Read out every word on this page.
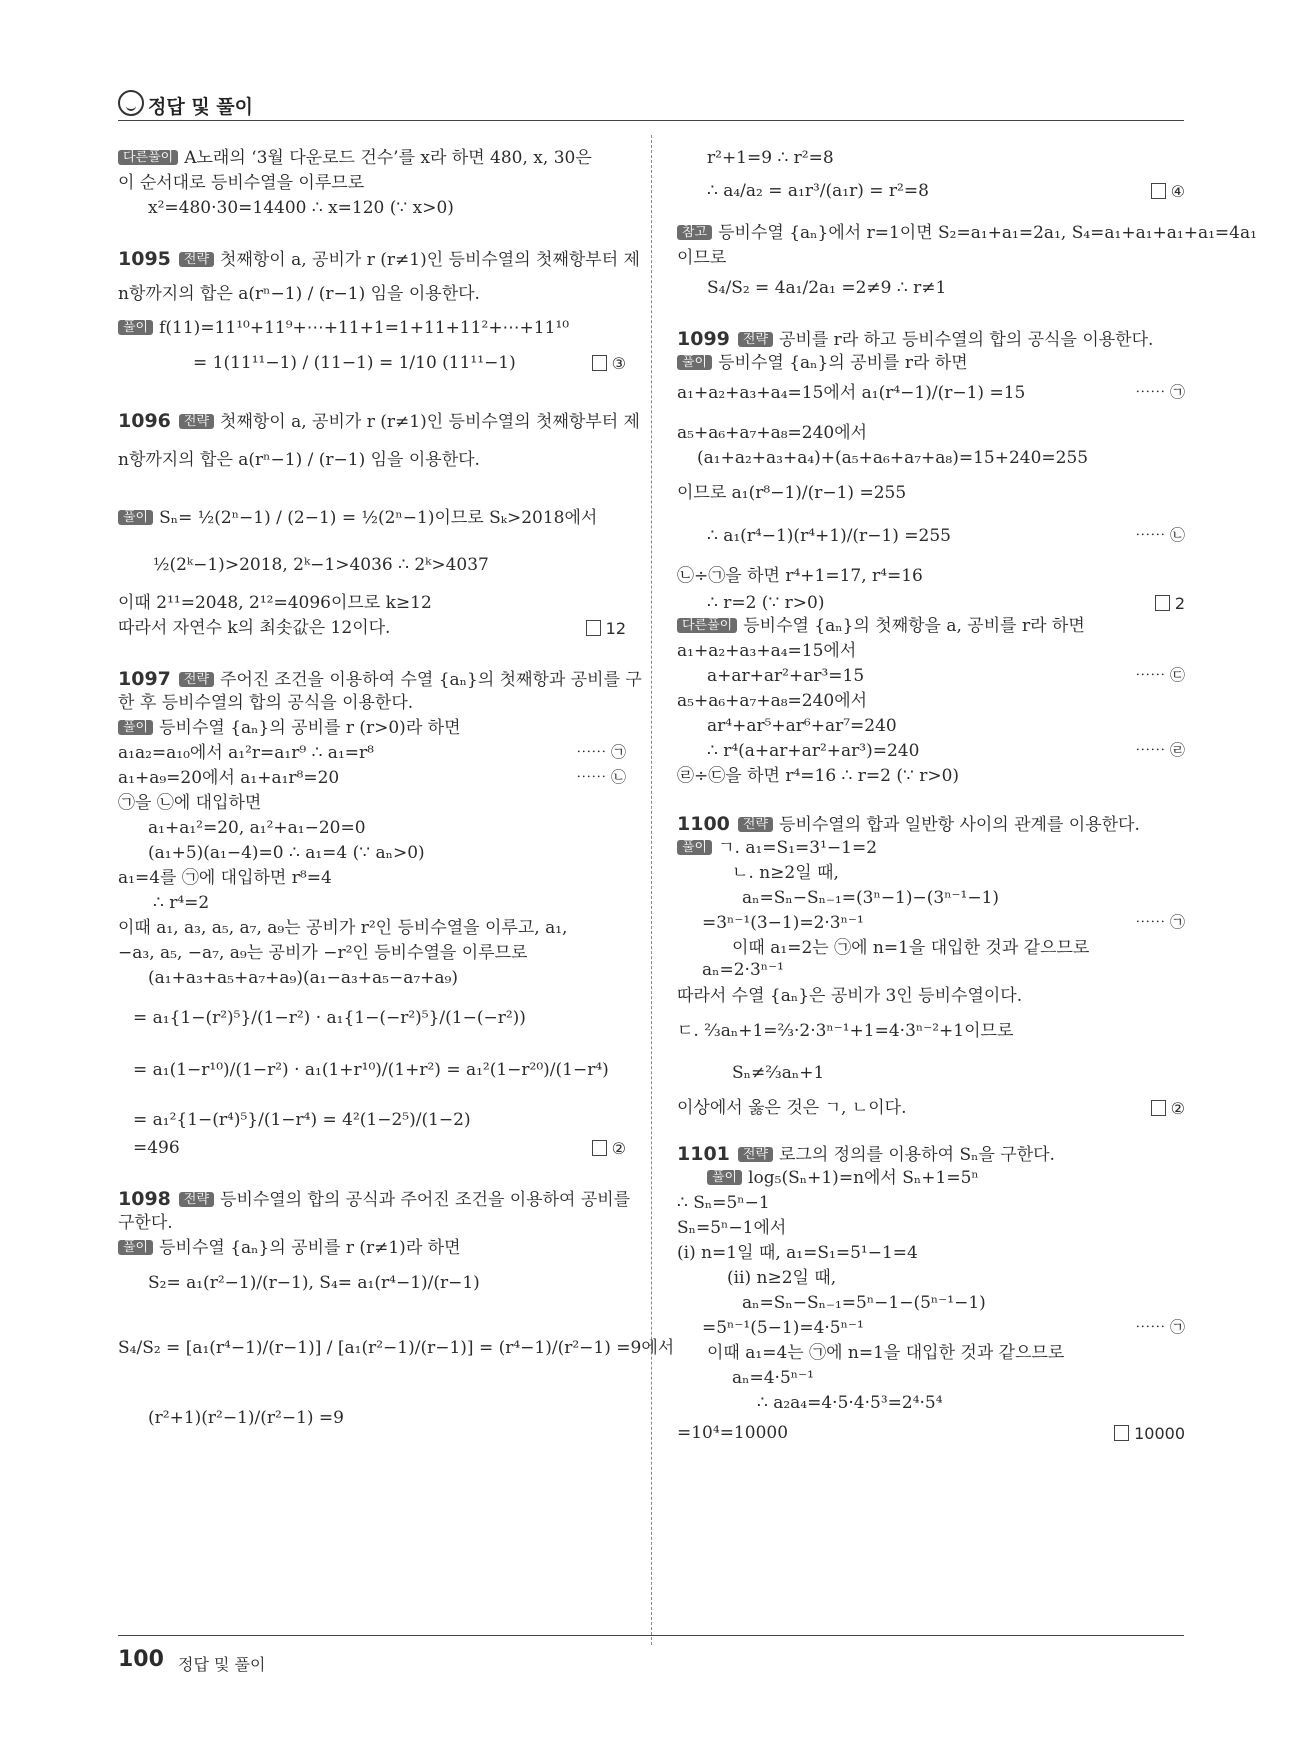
정답 및 풀이
다른풀이 A노래의 ‘3월 다운로드 건수’를 x라 하면 480, x, 30은
이 순서대로 등비수열을 이루므로
x²=480·30=14400 ∴ x=120 (∵ x>0)
1095 전략 첫째항이 a, 공비가 r (r≠1)인 등비수열의 첫째항부터 제
n항까지의 합은 a(rⁿ−1) / (r−1) 임을 이용한다.
풀이 f(11)=11¹⁰+11⁹+⋯+11+1=1+11+11²+⋯+11¹⁰
= 1(11¹¹−1) / (11−1) = 1/10 (11¹¹−1)	③
1096 전략 첫째항이 a, 공비가 r (r≠1)인 등비수열의 첫째항부터 제
n항까지의 합은 a(rⁿ−1) / (r−1) 임을 이용한다.
풀이 Sₙ= ½(2ⁿ−1) / (2−1) = ½(2ⁿ−1)이므로 Sₖ>2018에서
½(2ᵏ−1)>2018, 2ᵏ−1>4036 ∴ 2ᵏ>4037
이때 2¹¹=2048, 2¹²=4096이므로 k≥12
따라서 자연수 k의 최솟값은 12이다.	12
1097 전략 주어진 조건을 이용하여 수열 {aₙ}의 첫째항과 공비를 구
한 후 등비수열의 합의 공식을 이용한다.
풀이 등비수열 {aₙ}의 공비를 r (r>0)라 하면
a₁a₂=a₁₀에서 a₁²r=a₁r⁹ ∴ a₁=r⁸	⋯⋯ ㉠
a₁+a₉=20에서 a₁+a₁r⁸=20	⋯⋯ ㉡
㉠을 ㉡에 대입하면
a₁+a₁²=20, a₁²+a₁−20=0
(a₁+5)(a₁−4)=0 ∴ a₁=4 (∵ aₙ>0)
a₁=4를 ㉠에 대입하면 r⁸=4
∴ r⁴=2
이때 a₁, a₃, a₅, a₇, a₉는 공비가 r²인 등비수열을 이루고, a₁,
−a₃, a₅, −a₇, a₉는 공비가 −r²인 등비수열을 이루므로
(a₁+a₃+a₅+a₇+a₉)(a₁−a₃+a₅−a₇+a₉)
= a₁{1−(r²)⁵}/(1−r²) · a₁{1−(−r²)⁵}/(1−(−r²))
= a₁(1−r¹⁰)/(1−r²) · a₁(1+r¹⁰)/(1+r²) = a₁²(1−r²⁰)/(1−r⁴)
= a₁²{1−(r⁴)⁵}/(1−r⁴) = 4²(1−2⁵)/(1−2)
=496	②
1098 전략 등비수열의 합의 공식과 주어진 조건을 이용하여 공비를
구한다.
풀이 등비수열 {aₙ}의 공비를 r (r≠1)라 하면
S₂= a₁(r²−1)/(r−1), S₄= a₁(r⁴−1)/(r−1)
S₄/S₂ = [a₁(r⁴−1)/(r−1)] / [a₁(r²−1)/(r−1)] = (r⁴−1)/(r²−1) =9에서
(r²+1)(r²−1)/(r²−1) =9
r²+1=9 ∴ r²=8
∴ a₄/a₂ = a₁r³/(a₁r) = r²=8	④
참고 등비수열 {aₙ}에서 r=1이면 S₂=a₁+a₁=2a₁, S₄=a₁+a₁+a₁+a₁=4a₁
이므로
S₄/S₂ = 4a₁/2a₁ =2≠9 ∴ r≠1
1099 전략 공비를 r라 하고 등비수열의 합의 공식을 이용한다.
풀이 등비수열 {aₙ}의 공비를 r라 하면
a₁+a₂+a₃+a₄=15에서 a₁(r⁴−1)/(r−1) =15	⋯⋯ ㉠
a₅+a₆+a₇+a₈=240에서
(a₁+a₂+a₃+a₄)+(a₅+a₆+a₇+a₈)=15+240=255
이므로 a₁(r⁸−1)/(r−1) =255
∴ a₁(r⁴−1)(r⁴+1)/(r−1) =255	⋯⋯ ㉡
㉡÷㉠을 하면 r⁴+1=17, r⁴=16
∴ r=2 (∵ r>0)	2
다른풀이 등비수열 {aₙ}의 첫째항을 a, 공비를 r라 하면
a₁+a₂+a₃+a₄=15에서
a+ar+ar²+ar³=15	⋯⋯ ㉢
a₅+a₆+a₇+a₈=240에서
ar⁴+ar⁵+ar⁶+ar⁷=240
∴ r⁴(a+ar+ar²+ar³)=240	⋯⋯ ㉣
㉣÷㉢을 하면 r⁴=16 ∴ r=2 (∵ r>0)
1100 전략 등비수열의 합과 일반항 사이의 관계를 이용한다.
풀이 ㄱ. a₁=S₁=3¹−1=2
ㄴ. n≥2일 때,
aₙ=Sₙ−Sₙ₋₁=(3ⁿ−1)−(3ⁿ⁻¹−1)
=3ⁿ⁻¹(3−1)=2·3ⁿ⁻¹	⋯⋯ ㉠
이때 a₁=2는 ㉠에 n=1을 대입한 것과 같으므로
aₙ=2·3ⁿ⁻¹
따라서 수열 {aₙ}은 공비가 3인 등비수열이다.
ㄷ. ⅔aₙ+1=⅔·2·3ⁿ⁻¹+1=4·3ⁿ⁻²+1이므로
Sₙ≠⅔aₙ+1
이상에서 옳은 것은 ㄱ, ㄴ이다.	②
1101 전략 로그의 정의를 이용하여 Sₙ을 구한다.
풀이 log₅(Sₙ+1)=n에서 Sₙ+1=5ⁿ
∴ Sₙ=5ⁿ−1
Sₙ=5ⁿ−1에서
(ⅰ) n=1일 때, a₁=S₁=5¹−1=4
(ⅱ) n≥2일 때,
aₙ=Sₙ−Sₙ₋₁=5ⁿ−1−(5ⁿ⁻¹−1)
=5ⁿ⁻¹(5−1)=4·5ⁿ⁻¹	⋯⋯ ㉠
이때 a₁=4는 ㉠에 n=1을 대입한 것과 같으므로
aₙ=4·5ⁿ⁻¹
∴ a₂a₄=4·5·4·5³=2⁴·5⁴
=10⁴=10000	10000
100 정답 및 풀이
